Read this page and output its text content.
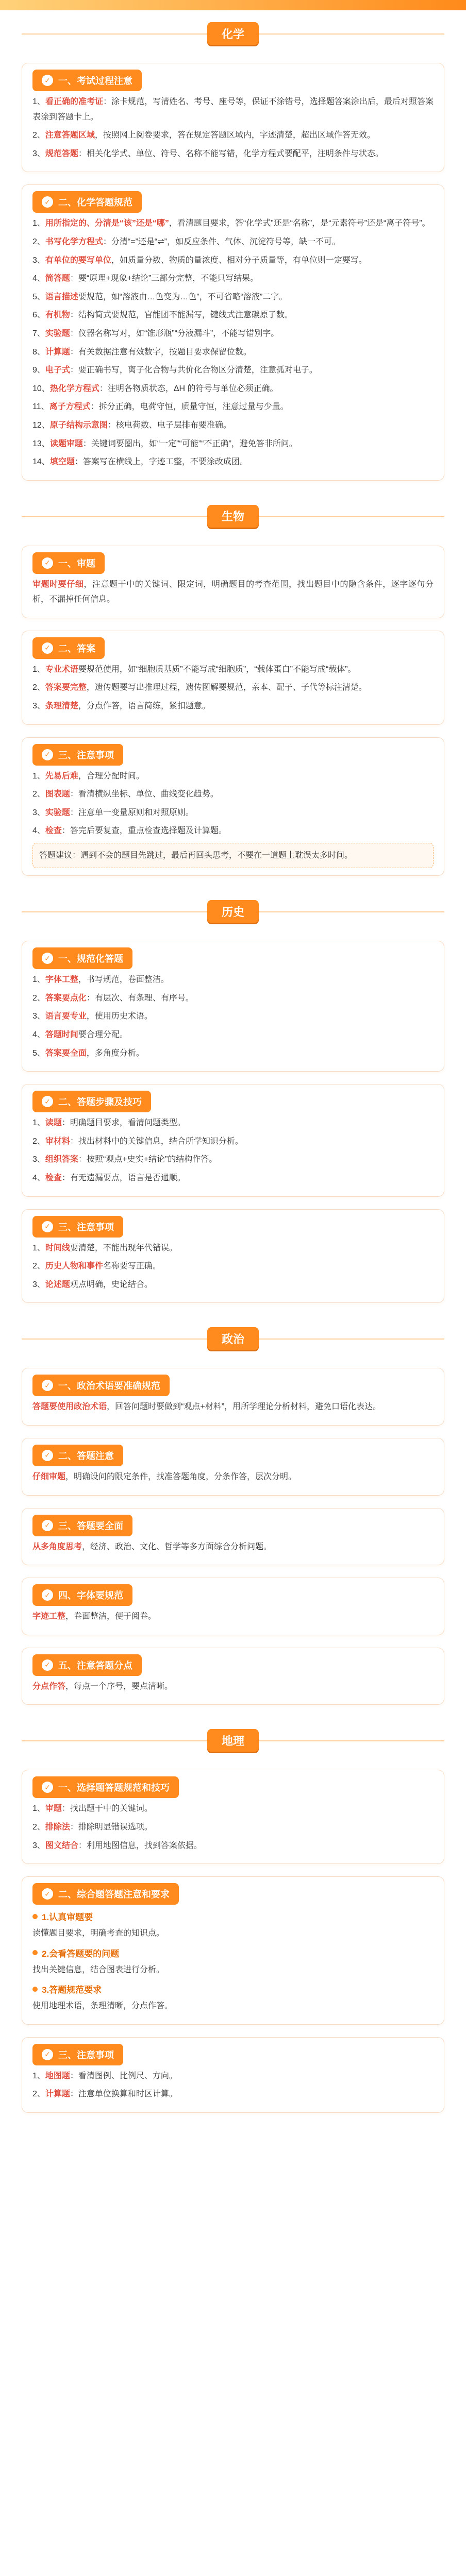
化学
✓ 一、考试过程注意

1、看正确的准考证：涂卡规范，写清姓名、考号、座号等，保证不涂错号，选择题答案涂出后，最后对照答案表涂到答题卡上。

2、注意答题区域，按照网上阅卷要求，答在规定答题区域内，字迹清楚，超出区域作答无效。

3、规范答题：相关化学式、单位、符号、名称不能写错，化学方程式要配平，注明条件与状态。

✓ 二、化学答题规范

1、用所指定的、分清是“该”还是“哪”，看清题目要求，答“化学式”还是“名称”，是“元素符号”还是“离子符号”。

2、书写化学方程式：分清“=”还是“⇌”，如反应条件、气体、沉淀符号等，缺一不可。

3、有单位的要写单位，如质量分数、物质的量浓度、相对分子质量等，有单位则一定要写。

4、简答题：要“原理+现象+结论”三部分完整，不能只写结果。

5、语言描述要规范，如“溶液由…色变为…色”，不可省略“溶液”二字。

6、有机物：结构简式要规范，官能团不能漏写，键线式注意碳原子数。

7、实验题：仪器名称写对，如“锥形瓶”“分液漏斗”，不能写错别字。

8、计算题：有关数据注意有效数字，按题目要求保留位数。

9、电子式：要正确书写，离子化合物与共价化合物区分清楚，注意孤对电子。

10、热化学方程式：注明各物质状态，ΔH 的符号与单位必须正确。

11、离子方程式：拆分正确，电荷守恒，质量守恒，注意过量与少量。

12、原子结构示意图：核电荷数、电子层排布要准确。

13、读题审题：关键词要圈出，如“一定”“可能”“不正确”，避免答非所问。

14、填空题：答案写在横线上，字迹工整，不要涂改成团。

生物
✓ 一、审题

审题时要仔细，注意题干中的关键词、限定词，明确题目的考查范围，找出题目中的隐含条件，逐字逐句分析，不漏掉任何信息。

✓ 二、答案

1、专业术语要规范使用，如“细胞质基质”不能写成“细胞质”，“载体蛋白”不能写成“载体”。

2、答案要完整，遗传题要写出推理过程，遗传图解要规范，亲本、配子、子代等标注清楚。

3、条理清楚，分点作答，语言简练，紧扣题意。

✓ 三、注意事项

1、先易后难，合理分配时间。

2、图表题：看清横纵坐标、单位、曲线变化趋势。

3、实验题：注意单一变量原则和对照原则。

4、检查：答完后要复查，重点检查选择题及计算题。

答题建议：遇到不会的题目先跳过，最后再回头思考，不要在一道题上耽误太多时间。
历史
✓ 一、规范化答题

1、字体工整，书写规范，卷面整洁。

2、答案要点化：有层次、有条理、有序号。

3、语言要专业，使用历史术语。

4、答题时间要合理分配。

5、答案要全面，多角度分析。

✓ 二、答题步骤及技巧

1、读题：明确题目要求，看清问题类型。

2、审材料：找出材料中的关键信息，结合所学知识分析。

3、组织答案：按照“观点+史实+结论”的结构作答。

4、检查：有无遗漏要点，语言是否通顺。

✓ 三、注意事项

1、时间线要清楚，不能出现年代错误。

2、历史人物和事件名称要写正确。

3、论述题观点明确，史论结合。

政治
✓ 一、政治术语要准确规范

答题要使用政治术语，回答问题时要做到“观点+材料”，用所学理论分析材料，避免口语化表达。

✓ 二、答题注意

仔细审题，明确设问的限定条件，找准答题角度，分条作答，层次分明。

✓ 三、答题要全面

从多角度思考，经济、政治、文化、哲学等多方面综合分析问题。

✓ 四、字体要规范

字迹工整，卷面整洁，便于阅卷。

✓ 五、注意答题分点

分点作答，每点一个序号，要点清晰。

地理
✓ 一、选择题答题规范和技巧

1、审题：找出题干中的关键词。

2、排除法：排除明显错误选项。

3、图文结合：利用地图信息，找到答案依据。

✓ 二、综合题答题注意和要求
1.认真审题要

读懂题目要求，明确考查的知识点。

2.会看答题要的问题

找出关键信息，结合图表进行分析。

3.答题规范要求

使用地理术语，条理清晰，分点作答。

✓ 三、注意事项

1、地图题：看清图例、比例尺、方向。

2、计算题：注意单位换算和时区计算。
